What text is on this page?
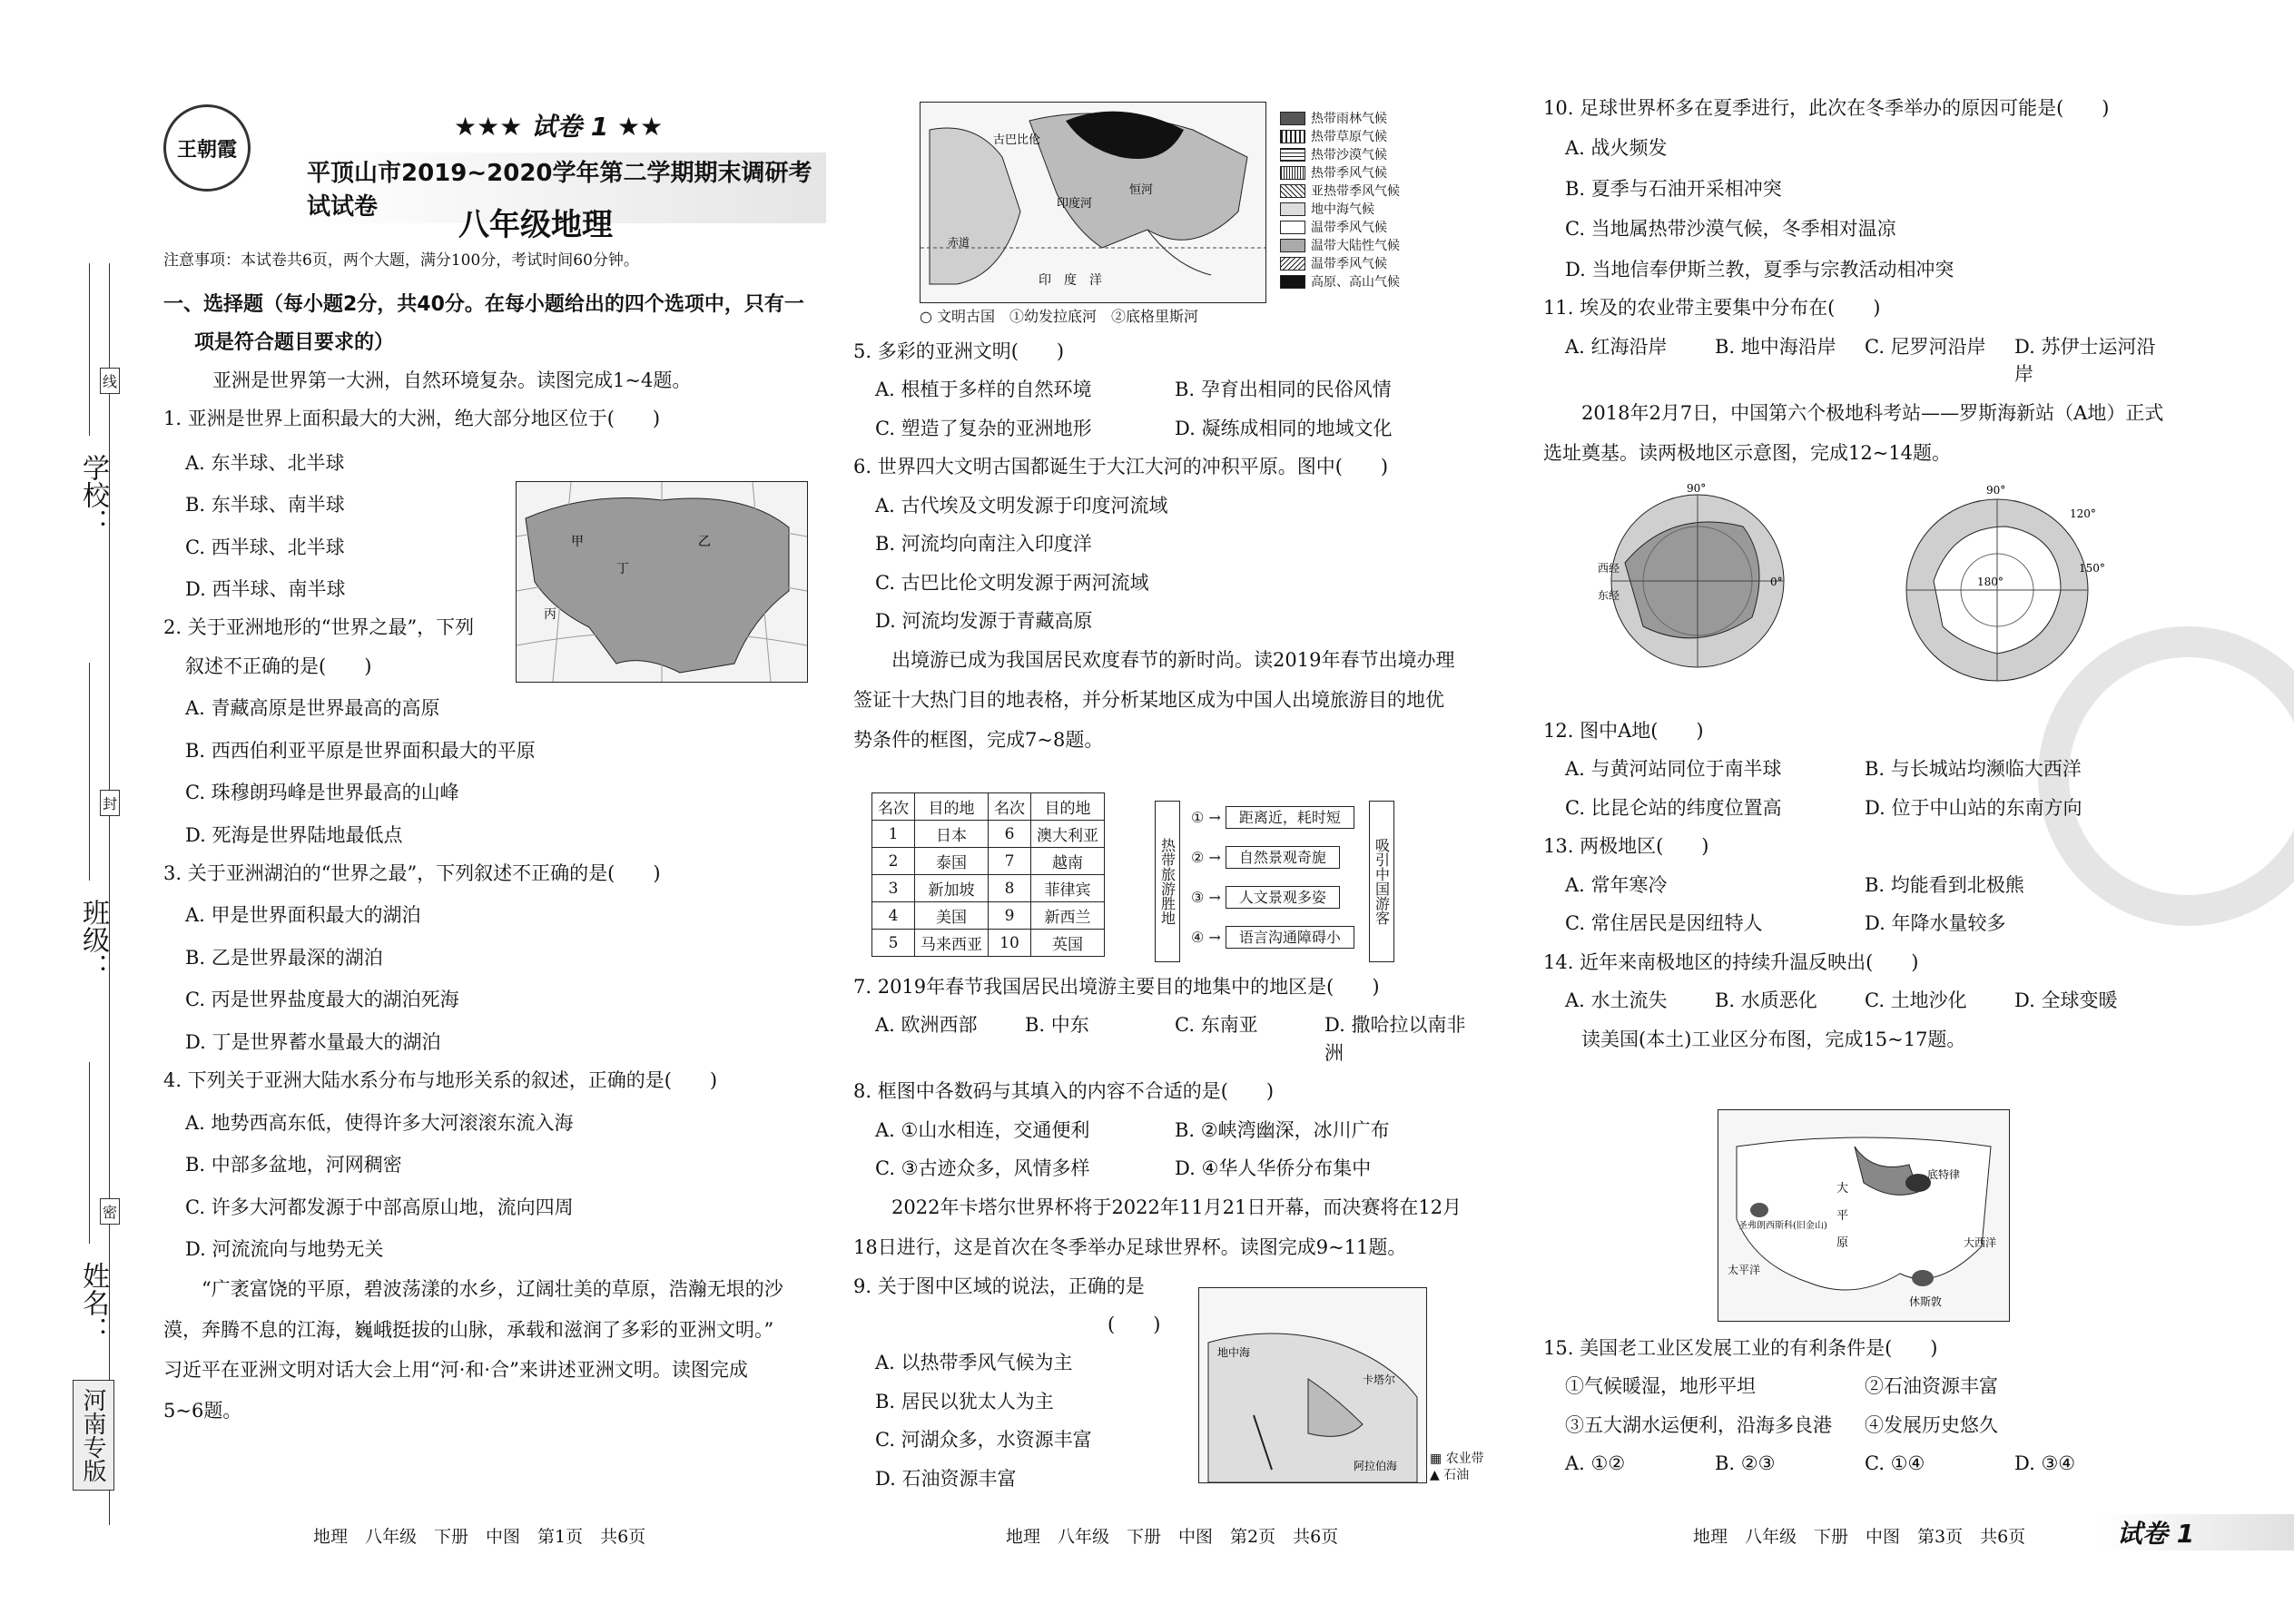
学校：
班级：
姓名：
线
封
密
河南专版
王朝霞
★★★ 试卷 1 ★★
平顶山市2019~2020学年第二学期期末调研考试试卷	八年级地理
注意事项：本试卷共6页，两个大题，满分100分，考试时间60分钟。
一、选择题（每小题2分，共40分。在每小题给出的四个选项中，只有一
项是符合题目要求的）
亚洲是世界第一大洲，自然环境复杂。读图完成1~4题。
1. 亚洲是世界上面积最大的大洲，绝大部分地区位于(　　)
A. 东半球、北半球
B. 东半球、南半球
C. 西半球、北半球
D. 西半球、南半球
2. 关于亚洲地形的“世界之最”，下列
叙述不正确的是(　　)
A. 青藏高原是世界最高的高原
B. 西西伯利亚平原是世界面积最大的平原
C. 珠穆朗玛峰是世界最高的山峰
D. 死海是世界陆地最低点
3. 关于亚洲湖泊的“世界之最”，下列叙述不正确的是(　　)
A. 甲是世界面积最大的湖泊
B. 乙是世界最深的湖泊
C. 丙是世界盐度最大的湖泊死海
D. 丁是世界蓄水量最大的湖泊
4. 下列关于亚洲大陆水系分布与地形关系的叙述，正确的是(　　)
A. 地势西高东低，使得许多大河滚滚东流入海
B. 中部多盆地，河网稠密
C. 许多大河都发源于中部高原山地，流向四周
D. 河流流向与地势无关
“广袤富饶的平原，碧波荡漾的水乡，辽阔壮美的草原，浩瀚无垠的沙
漠，奔腾不息的江海，巍峨挺拔的山脉，承载和滋润了多彩的亚洲文明。”
习近平在亚洲文明对话大会上用“河·和·合”来讲述亚洲文明。读图完成
5~6题。
甲	乙
丙
丁
地理　八年级　下册　中图　第1页　共6页
古巴比伦
印度河
恒河
赤道
印　度　洋
热带雨林气候
热带草原气候
热带沙漠气候
热带季风气候
亚热带季风气候
地中海气候
温带季风气候
温带大陆性气候
温带季风气候
高原、高山气候
○ 文明古国　①幼发拉底河　②底格里斯河
5. 多彩的亚洲文明(　　)
A. 根植于多样的自然环境	B. 孕育出相同的民俗风情
C. 塑造了复杂的亚洲地形	D. 凝练成相同的地域文化
6. 世界四大文明古国都诞生于大江大河的冲积平原。图中(　　)
A. 古代埃及文明发源于印度河流域
B. 河流均向南注入印度洋
C. 古巴比伦文明发源于两河流域
D. 河流均发源于青藏高原
出境游已成为我国居民欢度春节的新时尚。读2019年春节出境办理
签证十大热门目的地表格，并分析某地区成为中国人出境旅游目的地优
势条件的框图，完成7~8题。
名次	目的地	名次	目的地
1	日本	6	澳大利亚
2	泰国	7	越南
3	新加坡	8	菲律宾
4	美国	9	新西兰
5	马来西亚	10	英国
热带旅游胜地
① → 距离近，耗时短
② → 自然景观奇旎
③ → 人文景观多姿
④ → 语言沟通障碍小
吸引中国游客
7. 2019年春节我国居民出境游主要目的地集中的地区是(　　)
A. 欧洲西部	B. 中东	C. 东南亚	D. 撒哈拉以南非洲
8. 框图中各数码与其填入的内容不合适的是(　　)
A. ①山水相连，交通便利	B. ②峡湾幽深，冰川广布
C. ③古迹众多，风情多样	D. ④华人华侨分布集中
2022年卡塔尔世界杯将于2022年11月21日开幕，而决赛将在12月
18日进行，这是首次在冬季举办足球世界杯。读图完成9~11题。
9. 关于图中区域的说法，正确的是
(　　)
A. 以热带季风气候为主
B. 居民以犹太人为主
C. 河湖众多，水资源丰富
D. 石油资源丰富
地中海
卡塔尔
阿拉伯海	▦ 农业带
▲ 石油
地理　八年级　下册　中图　第2页　共6页
10. 足球世界杯多在夏季进行，此次在冬季举办的原因可能是(　　)
A. 战火频发
B. 夏季与石油开采相冲突
C. 当地属热带沙漠气候，冬季相对温凉
D. 当地信奉伊斯兰教，夏季与宗教活动相冲突
11. 埃及的农业带主要集中分布在(　　)
A. 红海沿岸	B. 地中海沿岸	C. 尼罗河沿岸	D. 苏伊士运河沿岸
2018年2月7日，中国第六个极地科考站——罗斯海新站（A地）正式
选址奠基。读两极地区示意图，完成12~14题。
90°
西经
东经
0°
90°
180°
150°
120°
12. 图中A地(　　)
A. 与黄河站同位于南半球	B. 与长城站均濒临大西洋
C. 比昆仑站的纬度位置高	D. 位于中山站的东南方向
13. 两极地区(　　)
A. 常年寒冷	B. 均能看到北极熊
C. 常住居民是因纽特人	D. 年降水量较多
14. 近年来南极地区的持续升温反映出(　　)
A. 水土流失	B. 水质恶化	C. 土地沙化	D. 全球变暖
读美国(本土)工业区分布图，完成15~17题。
大
平
原
底特律
圣弗朗西斯科(旧金山)
休斯敦
太平洋
大西洋
15. 美国老工业区发展工业的有利条件是(　　)
①气候暖湿，地形平坦	②石油资源丰富
③五大湖水运便利，沿海多良港	④发展历史悠久
A. ①②	B. ②③	C. ①④	D. ③④
地理　八年级　下册　中图　第3页　共6页	试卷 1
